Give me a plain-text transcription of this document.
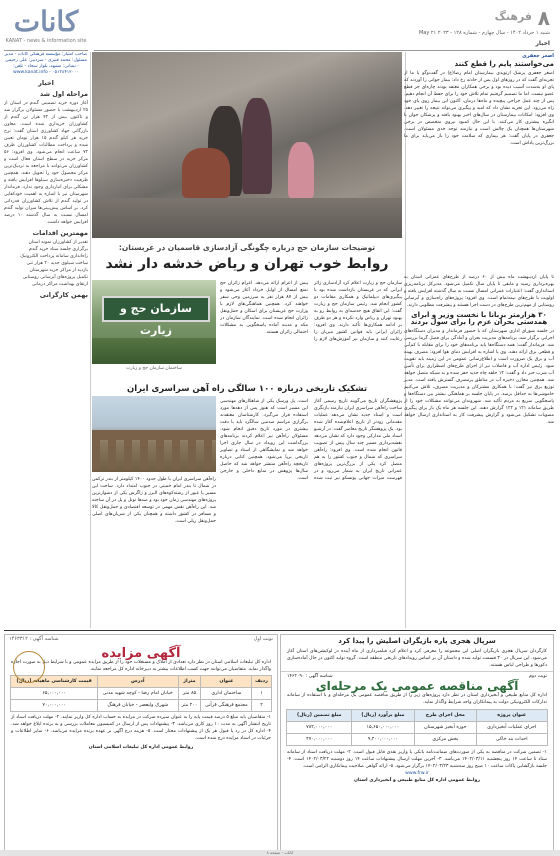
کانات
KANAT - news & information site
۸
فرهنگ
شنبه ۱ خرداد ۱۴۰۲ - سال چهارم - شماره ۱۲۸ - ۲۰۲۳ May ۲۱
اخبار
صاحب امتیاز: مؤسسه فرهنگی کانات - مدیر مسئول: محمد قنبری - سردبیر: علی رحیمی - نشانی: مشهد، بلوار سجاد - تلفن: ۰۵۱۳۸۴۱۲۰۰۰ - www.kanat.info
اخبار
مراحله اول شد
آغاز دوره خرید تضمینی گندم در استان از ۲۵ اردیبهشت با حضور مسئولان برگزار شد و تاکنون بیش از ۴۲ هزار تن گندم از کشاورزان خریداری شده است. معاون بازرگانی جهاد کشاورزی استان گفت: نرخ خرید هر کیلو گندم ۱۵ هزار تومان تعیین شده و پرداخت مطالبات کشاورزان ظرف ۷۲ ساعت انجام می‌شود. وی افزود: ۵۶ مرکز خرید در سطح استان فعال است و کشاورزان می‌توانند با مراجعه به نزدیک‌ترین مرکز محصول خود را تحویل دهند. همچنین ظرفیت ذخیره‌سازی سیلوها افزایش یافته و مشکلی برای انبارداری وجود ندارد. فرماندار شهرستان نیز با اشاره به اهمیت خودکفایی در تولید گندم از تلاش کشاورزان قدردانی کرد. بر اساس پیش‌بینی‌ها میزان تولید گندم امسال نسبت به سال گذشته ۱۰ درصد افزایش خواهد داشت.
مهمترین اقدامات
تقدیر از کشاورزان نمونه استان
برگزاری جلسه ستاد خرید گندم
راه‌اندازی سامانه پرداخت الکترونیک
ساخت سیلوی جدید ۲۰ هزار تنی
بازدید از مراکز خرید شهرستان
تکمیل پروژه‌های آبرسانی روستایی
ارتقای بهداشت مراکز درمانی
بهمن کارگرانی
اصغر جعفری
می‌خواستند پایم را قطع کنند
اصغر جعفری پزشک ارتوپدی بیمارستان امام رضا(ع) در گفت‌وگو با ما از تجربه‌ای گفت که در روزهای اول پس از حادثه رخ داد: بیمار جوانی را آوردند که پای او به‌شدت آسیب دیده بود و برخی همکاران معتقد بودند چاره‌ای جز قطع عضو نیست. اما ما تصمیم گرفتیم تمام تلاش خود را برای حفظ آن انجام دهیم. پس از چند عمل جراحی پیچیده و ماه‌ها درمان، اکنون این بیمار روی پای خود راه می‌رود. این تجربه نشان داد که امید و پیگیری می‌تواند نتیجه را تغییر دهد. وی افزود: امکانات بیمارستان در سال‌های اخیر بهبود یافته و پزشکان جوان با انگیزه بیشتری کار می‌کنند. با این حال کمبود نیروی متخصص در برخی شهرستان‌ها همچنان یک چالش است و نیازمند توجه جدی مسئولان است. جعفری در پایان گفت: هر بیماری که سلامت خود را باز می‌یابد برای ما بزرگ‌ترین پاداش است.
توضیحات سازمان حج درباره چگونگی آزادسازی قاسمیان در عربستان:
روابط خوب تهران و ریاض خدشه دار نشد
سازمان حج و زیارت
ساختمان سازمان حج و زیارت
سازمان حج و زیارت اعلام کرد آزادسازی زائر ایرانی که در عربستان بازداشت شده بود با پیگیری‌های دیپلماتیک و همکاری مقامات دو کشور انجام شد. رئیس سازمان حج و زیارت گفت: این اتفاق هیچ خدشه‌ای به روابط رو به بهبود تهران و ریاض وارد نکرده و هر دو طرف بر ادامه همکاری‌ها تأکید دارند. وی افزود: زائران ایرانی باید قوانین کشور میزبان را رعایت کنند و سازمان نیز آموزش‌های لازم را پیش از اعزام ارائه می‌دهد. اعزام زائران حج تمتع امسال از اوایل خرداد آغاز می‌شود و بیش از ۸۷ هزار نفر به سرزمین وحی سفر خواهند کرد. همچنین هماهنگی‌های لازم با وزارت حج عربستان برای اسکان و حمل‌ونقل زائران انجام شده است. نمایندگان سازمان در مکه و مدینه آماده پاسخگویی به مشکلات احتمالی زائران هستند.
تا پایان اردیبهشت ماه بیش از ۶۰ درصد از طرح‌های عمرانی استان به بهره‌برداری رسید و مابقی تا پایان سال تکمیل می‌شود. مدیرکل برنامه‌ریزی استانداری گفت: اعتبارات عمرانی امسال نسبت به سال گذشته افزایش یافته و اولویت با طرح‌های نیمه‌تمام است. وی افزود: پروژه‌های راه‌سازی و آبرسانی روستایی از مهم‌ترین طرح‌های در دست اجرا هستند و پیشرفت مطلوبی دارند.
۳۰ هزارمتر بربانا با نخست وزیر و ابرای همدستی بحران عزم را برای سول بردند
در جلسه شورای اداری شهرستان که با حضور فرماندار و مدیران دستگاه‌های اجرایی برگزار شد، برنامه‌های مدیریت بحران و آمادگی برای فصل گرما بررسی شد. فرماندار گفت: همه دستگاه‌ها باید برنامه‌های خود را برای مقابله با کم‌آبی و قطعی برق ارائه دهند. وی با اشاره به افزایش دمای هوا افزود: مصرف بهینه آب و برق یک ضرورت است و اطلاع‌رسانی عمومی در این زمینه باید تقویت شود. رئیس اداره آب و فاضلاب نیز از اجرای طرح‌های اضطراری برای تأمین آب شرب خبر داد و گفت: ۱۲ حلقه چاه جدید حفر شده و به شبکه متصل خواهد شد. همچنین مخازن ذخیره آب در مناطق پرمصرف گسترش یافته است. مدیر توزیع برق نیز گفت: با همکاری مشترکان و مدیریت مصرف، تلاش می‌کنیم خاموشی‌ها به حداقل برسد. در پایان جلسه بر هماهنگی بیشتر بین دستگاه‌ها و پاسخگویی سریع به مردم تأکید شد. شهروندان می‌توانند مشکلات خود را از طریق سامانه ۱۲۱ و ۱۲۲ گزارش دهند. این جلسه هر ماه یک بار برای پیگیری مصوبات تشکیل می‌شود و گزارش پیشرفت کار به استانداری ارسال خواهد شد.
تشکیک تاریخی درباره ۱۰۰ سالگی راه آهن سراسری ایران
پژوهشگران تاریخ می‌گویند تاریخ رسمی آغاز ساخت راه‌آهن سراسری ایران نیازمند بازنگری است و اسناد جدید نشان می‌دهد عملیات مقدماتی زودتر از تاریخ اعلام‌شده آغاز شده بود. یک پژوهشگر تاریخ معاصر گفت: در آرشیو اسناد ملی مدارکی وجود دارد که نشان می‌دهد نقشه‌برداری مسیر چند سال پیش از تصویب قانون انجام شده است. وی افزود: راه‌آهن سراسری که شمال و جنوب کشور را به هم متصل کرد یکی از بزرگ‌ترین پروژه‌های عمرانی تاریخ ایران به شمار می‌رود و در فهرست میراث جهانی یونسکو نیز ثبت شده است. پل ورسک یکی از شاهکارهای مهندسی این مسیر است که هنوز پس از دهه‌ها مورد استفاده قرار می‌گیرد. کارشناسان معتقدند برگزاری مراسم صدمین سالگرد باید با دقت بیشتری در مورد تاریخ دقیق انجام شود. مسئولان راه‌آهن نیز اعلام کردند برنامه‌های بزرگداشت این رویداد در سال جاری اجرا خواهد شد و نمایشگاهی از اسناد و تصاویر تاریخی برپا می‌شود. همچنین کتابی درباره تاریخچه راه‌آهن منتشر خواهد شد که حاصل سال‌ها پژوهش در منابع داخلی و خارجی است.
راه‌آهن سراسری ایران با طول حدود ۱۴۰۰ کیلومتر از بندر ترکمن در شمال تا بندر امام خمینی در جنوب امتداد دارد. ساخت این مسیر با عبور از رشته‌کوه‌های البرز و زاگرس یکی از دشوارترین پروژه‌های مهندسی زمان خود بود و صدها تونل و پل در آن ساخته شد. این راه‌آهن نقش مهمی در توسعه اقتصادی و حمل‌ونقل کالا و مسافر در کشور داشته و همچنان یکی از شریان‌های اصلی حمل‌ونقل ریلی است.
نوبت اول
شناسه آگهی : ۱۴۶۳۳۱۲
آگهی مزایده
اداره کل تبلیغات اسلامی استان در نظر دارد تعدادی از املاک و مستغلات خود را از طریق مزایده عمومی و با شرایط ذیل به صورت اجاره واگذار نماید. متقاضیان می‌توانند جهت کسب اطلاعات بیشتر به دبیرخانه اداره کل مراجعه نمایند.
ردیف	عنوان	متراژ	آدرس	قیمت کارشناسی ماهیانه (ریال)
۱	ساختمان اداری	۸۵ متر	خیابان امام رضا - کوچه شهید مدنی	۶۵,۰۰۰,۰۰۰
۲	مجتمع فرهنگی قرآنی	۲۰۰ متر	شهرک ولیعصر - خیابان فرهنگ	۷۰,۰۰۰,۰۰۰
۱- متقاضیان باید مبلغ ۵ درصد قیمت پایه را به عنوان سپرده شرکت در مزایده به حساب اداره کل واریز نمایند. ۲- مهلت دریافت اسناد از تاریخ انتشار آگهی به مدت ۱۰ روز کاری می‌باشد. ۳- پیشنهادات پس از ارسال در کمیسیون معاملات بررسی و به برنده ابلاغ خواهد شد. ۴- اداره کل در رد یا قبول هر یک از پیشنهادات مختار است. ۵- هزینه درج آگهی بر عهده برنده مزایده می‌باشد. ۶- سایر اطلاعات و جزئیات در اسناد مزایده درج شده است.
روابط عمومی اداره کل تبلیغات اسلامی استان
سرپال هجری پاره بازیگران اصلیش را پیدا کرد
کارگردان سریال هجری بازیگران اصلی این مجموعه را معرفی کرد و اعلام کرد فیلمبرداری از ماه آینده در لوکیشن‌های استان آغاز می‌شود. این سریال در ۳۰ قسمت تولید شده و داستان آن بر اساس رویدادهای تاریخی منطقه است. گروه تولید اکنون در حال آماده‌سازی دکورها و طراحی لباس هستند.
نوبت دوم
شناسه آگهی : ۱۴۶۲۰۹۰
آگهی مناقصه عمومی یک مرحله‌ای
اداره کل منابع طبیعی و آبخیزداری استان در نظر دارد پروژه‌های زیر را از طریق مناقصه عمومی یک مرحله‌ای و با استفاده از سامانه تدارکات الکترونیکی دولت به پیمانکاران واجد شرایط واگذار نماید.
عنوان پروژه	محل اجرای طرح	مبلغ برآورد (ریال)	مبلغ تضمین (ریال)
اجرای عملیات آبخیزداری	حوزه آبخیز شهرستان	۱۵,۶۵۰,۰۰۰,۰۰۰	۷۸۲,۰۰۰,۰۰۰
احداث بند خاکی	بخش مرکزی	۹,۴۰۰,۰۰۰,۰۰۰	۴۷۰,۰۰۰,۰۰۰
۱- تضمین شرکت در مناقصه به یکی از صورت‌های ضمانت‌نامه بانکی یا واریز نقدی قابل قبول است. ۲- مهلت دریافت اسناد از سامانه ستاد تا ساعت ۱۴ روز پنجشنبه ۱۴۰۲/۰۳/۱۱ می‌باشد. ۳- آخرین مهلت ارسال پیشنهادات ساعت ۱۴ روز دوشنبه ۱۴۰۲/۰۳/۲۲ است. ۴- جلسه بازگشایی پاکات ساعت ۱۰ صبح روز سه‌شنبه ۱۴۰۲/۰۳/۲۳ برگزار می‌شود. ۵- ارائه گواهی صلاحیت پیمانکاری الزامی است.
www.frw.ir
روابط عمومی اداره کل منابع طبیعی و آبخیزداری استان
کانات - صفحه ۸
